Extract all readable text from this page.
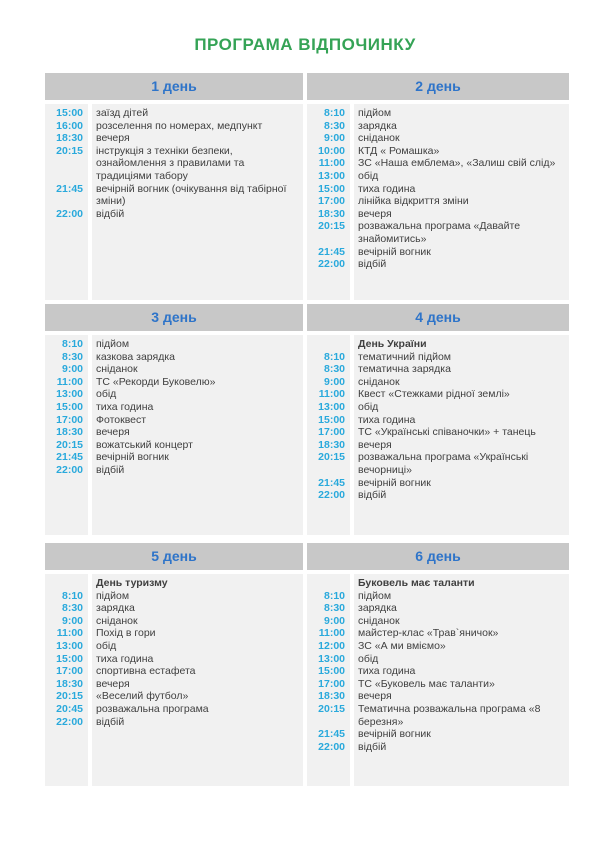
ПРОГРАМА ВІДПОЧИНКУ
1 день
15:00	заїзд дітей
16:00	розселення по номерах, медпункт
18:30	вечеря
20:15	інструкція з техніки безпеки, ознайомлення з правилами та традиціями табору
21:45	вечірній вогник (очікування від табірної зміни)
22:00	відбій
2 день
8:10	підйом
8:30	зарядка
9:00	сніданок
10:00	КТД « Ромашка»
11:00	ЗС «Наша емблема», «Залиш свій слід»
13:00	обід
15:00	тиха година
17:00	лінійка відкриття зміни
18:30	вечеря
20:15	розважальна програма «Давайте знайомитись»
21:45	вечірній вогник
22:00	відбій
3 день
8:10	підйом
8:30	казкова зарядка
9:00	сніданок
11:00	ТС «Рекорди Буковелю»
13:00	обід
15:00	тиха година
17:00	Фотоквест
18:30	вечеря
20:15	вожатський концерт
21:45	вечірній вогник
22:00	відбій
4 день
День України
8:10	тематичний підйом
8:30	тематична зарядка
9:00	сніданок
11:00	Квест «Стежками рідної землі»
13:00	обід
15:00	тиха година
17:00	ТС «Українські співаночки» + танець
18:30	вечеря
20:15	розважальна програма «Українські вечорниці»
21:45	вечірній вогник
22:00	відбій
5 день
День туризму
8:10	підйом
8:30	зарядка
9:00	сніданок
11:00	Похід в гори
13:00	обід
15:00	тиха година
17:00	спортивна естафета
18:30	вечеря
20:15	«Веселий футбол»
20:45	розважальна програма
22:00	відбій
6 день
Буковель має таланти
8:10	підйом
8:30	зарядка
9:00	сніданок
11:00	майстер-клас «Трав`яничок»
12:00	ЗС «А ми вміємо»
13:00	обід
15:00	тиха година
17:00	ТС «Буковель має таланти»
18:30	вечеря
20:15	Тематична розважальна програма «8 березня»
21:45	вечірній вогник
22:00	відбій
